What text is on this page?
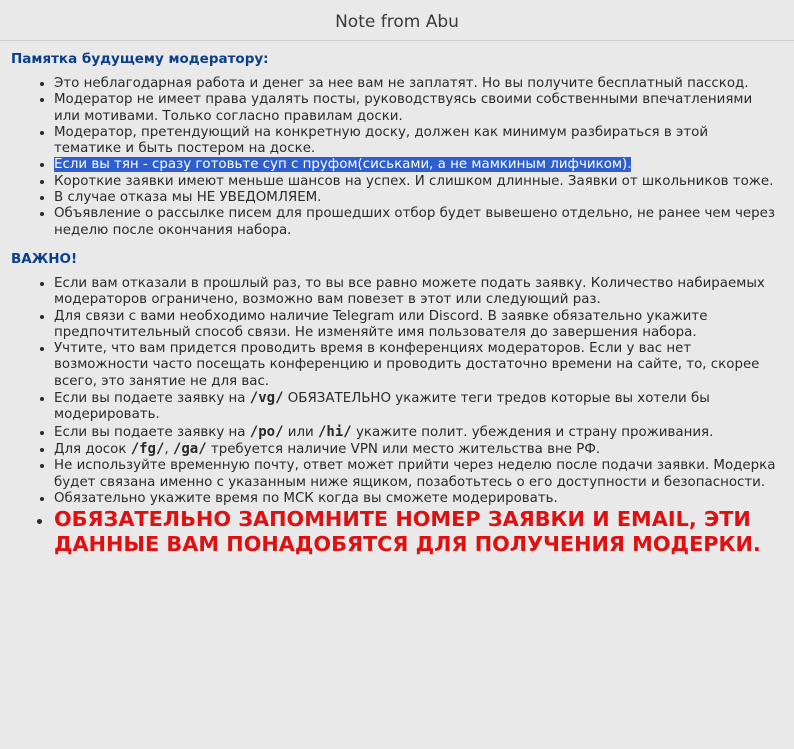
Note from Abu
Памятка будущему модератору:
• Это неблагодарная работа и денег за нее вам не заплатят. Но вы получите бесплатный пасскод.
• Модератор не имеет права удалять посты, руководствуясь своими собственными впечатлениями или мотивами. Только согласно правилам доски.
• Модератор, претендующий на конкретную доску, должен как минимум разбираться в этой тематике и быть постером на доске.
• Если вы тян - сразу готовьте суп с пруфом(сиськами, а не мамкиным лифчиком).
• Короткие заявки имеют меньше шансов на успех. И слишком длинные. Заявки от школьников тоже.
• В случае отказа мы НЕ УВЕДОМЛЯЕМ.
• Объявление о рассылке писем для прошедших отбор будет вывешено отдельно, не ранее чем через неделю после окончания набора.
ВАЖНО!
• Если вам отказали в прошлый раз, то вы все равно можете подать заявку. Количество набираемых модераторов ограничено, возможно вам повезет в этот или следующий раз.
• Для связи с вами необходимо наличие Telegram или Discord. В заявке обязательно укажите предпочтительный способ связи. Не изменяйте имя пользователя до завершения набора.
• Учтите, что вам придется проводить время в конференциях модераторов. Если у вас нет возможности часто посещать конференцию и проводить достаточно времени на сайте, то, скорее всего, это занятие не для вас.
• Если вы подаете заявку на /vg/ ОБЯЗАТЕЛЬНО укажите теги тредов которые вы хотели бы модерировать.
• Если вы подаете заявку на /po/ или /hi/ укажите полит. убеждения и страну проживания.
• Для досок /fg/, /ga/ требуется наличие VPN или место жительства вне РФ.
• Не используйте временную почту, ответ может прийти через неделю после подачи заявки. Модерка будет связана именно с указанным ниже ящиком, позаботьтесь о его доступности и безопасности.
• Обязательно укажите время по МСК когда вы сможете модерировать.
• ОБЯЗАТЕЛЬНО ЗАПОМНИТЕ НОМЕР ЗАЯВКИ И EMAIL, ЭТИ ДАННЫЕ ВАМ ПОНАДОБЯТСЯ ДЛЯ ПОЛУЧЕНИЯ МОДЕРКИ.
